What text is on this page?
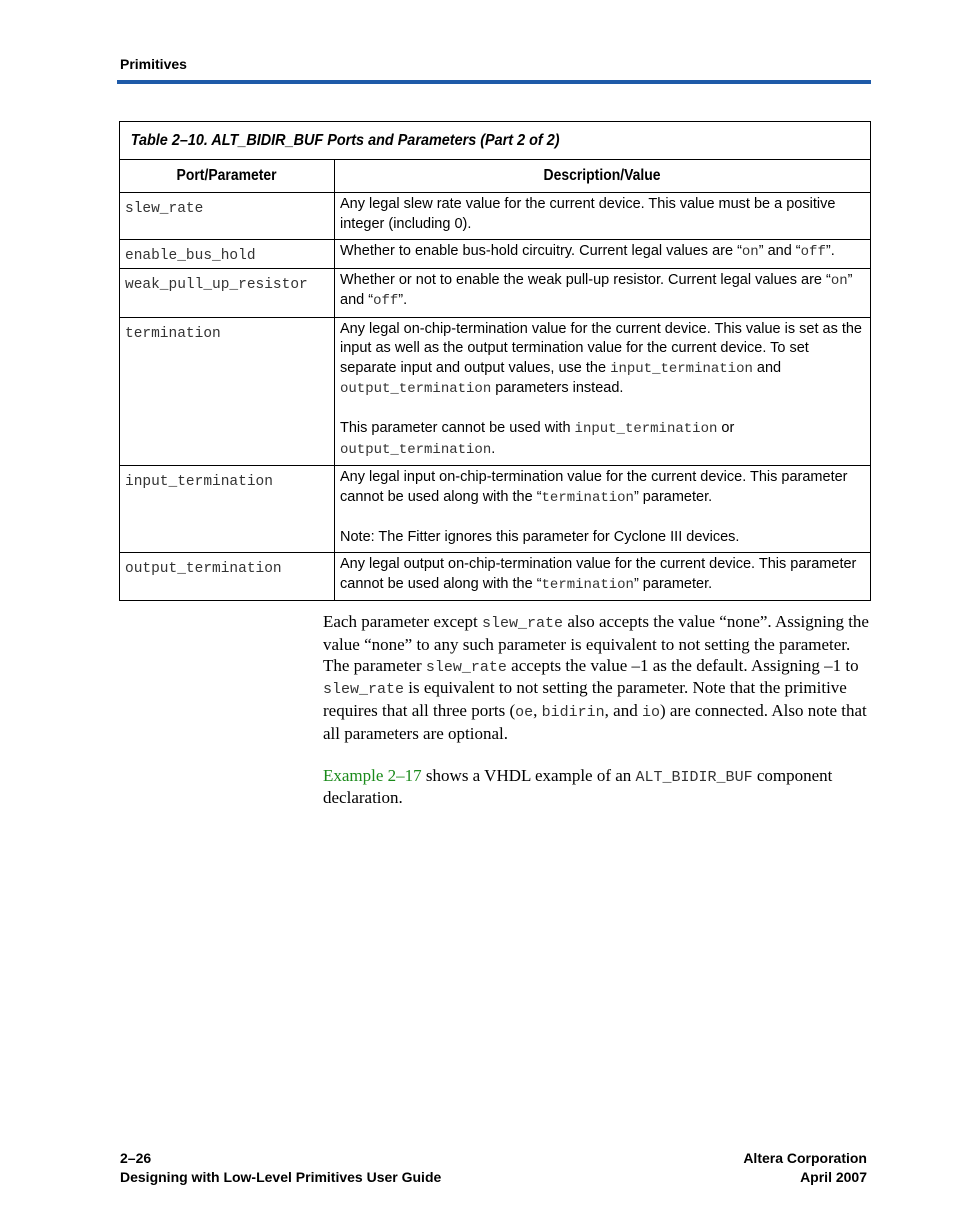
Primitives
Table 2–10. ALT_BIDIR_BUF Ports and Parameters (Part 2 of 2)	

Port/Parameter	Description/Value
slew_rate	Any legal slew rate value for the current device. This value must be a positive integer (including 0).

enable_bus_hold	Whether to enable bus-hold circuitry. Current legal values are “on” and “off”.

weak_pull_up_resistor	Whether or not to enable the weak pull-up resistor. Current legal values are “on” and “off”.

termination	Any legal on-chip-termination value for the current device. This value is set as the input as well as the output termination value for the current device. To set separate input and output values, use the input_termination and output_termination parameters instead.

This parameter cannot be used with input_termination or output_termination.

input_termination	Any legal input on-chip-termination value for the current device. This parameter cannot be used along with the “termination” parameter.

Note: The Fitter ignores this parameter for Cyclone III devices.

output_termination	Any legal output on-chip-termination value for the current device. This parameter cannot be used along with the “termination” parameter.

Each parameter except slew_rate also accepts the value “none”. Assigning the value “none” to any such parameter is equivalent to not setting the parameter. The parameter slew_rate accepts the value –1 as the default. Assigning –1 to slew_rate is equivalent to not setting the parameter. Note that the primitive requires that all three ports (oe, bidirin, and io) are connected. Also note that all parameters are optional.

Example 2–17 shows a VHDL example of an ALT_BIDIR_BUF component declaration.

2–26
Designing with Low-Level Primitives User Guide
Altera Corporation
April 2007
